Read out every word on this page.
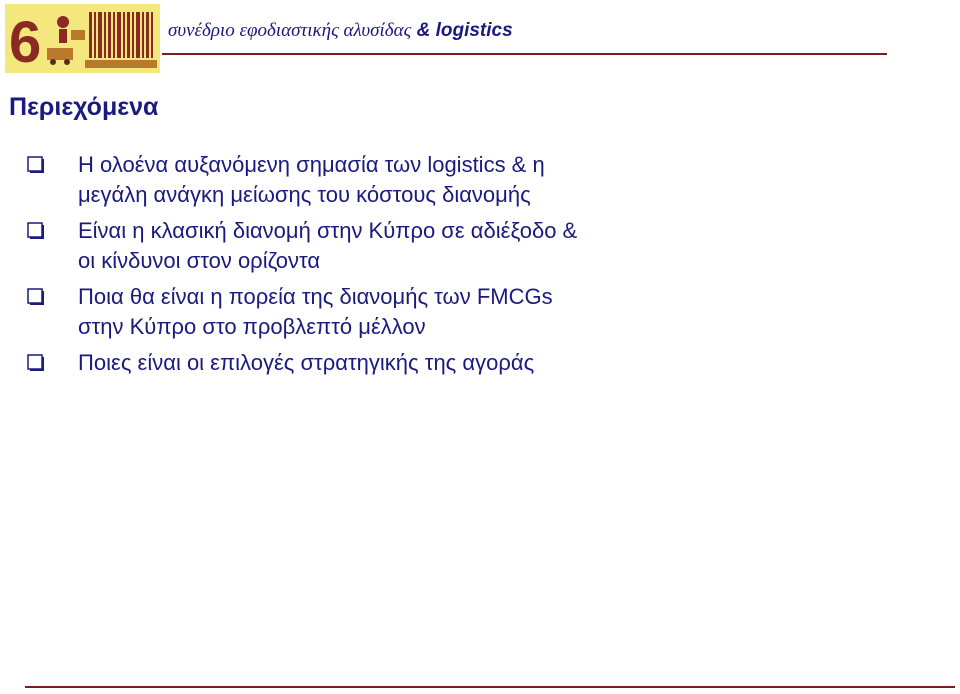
6	συνέδριο εφοδιαστικής αλυσίδας & logistics
Περιεχόμενα
Η ολοένα αυξανόμενη σημασία των logistics & η
μεγάλη ανάγκη μείωσης του κόστους διανομής
Είναι η κλασική διανομή στην Κύπρο σε αδιέξοδο &
οι κίνδυνοι στον ορίζοντα
Ποια θα είναι η πορεία της διανομής των FMCGs
στην Κύπρο στο προβλεπτό μέλλον
Ποιες είναι οι επιλογές στρατηγικής της αγοράς
